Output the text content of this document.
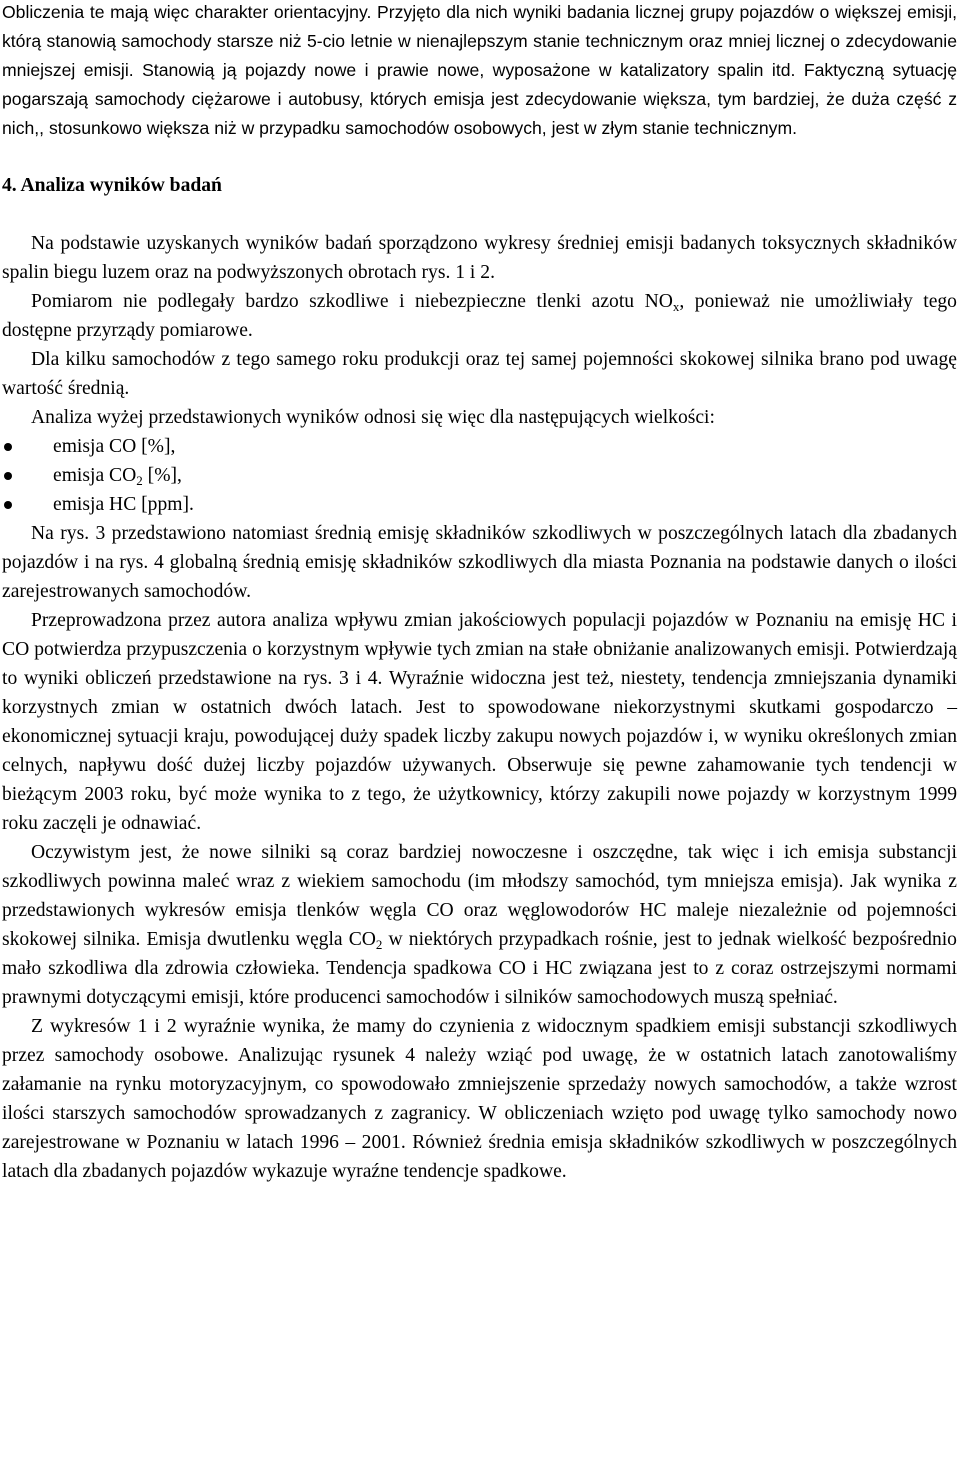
Obliczenia te mają więc charakter orientacyjny. Przyjęto dla nich wyniki badania licznej grupy pojazdów o większej emisji, którą stanowią samochody starsze niż 5-cio letnie w nienajlepszym stanie technicznym oraz mniej licznej o zdecydowanie mniejszej emisji. Stanowią ją pojazdy nowe i prawie nowe, wyposażone w katalizatory spalin itd. Faktyczną sytuację pogarszają samochody ciężarowe i autobusy, których emisja jest zdecydowanie większa, tym bardziej, że duża część z nich,, stosunkowo większa niż w przypadku samochodów osobowych, jest w złym stanie technicznym.

4. Analiza wyników badań

Na podstawie uzyskanych wyników badań sporządzono wykresy średniej emisji badanych toksycznych składników spalin biegu luzem oraz na podwyższonych obrotach rys. 1 i 2.

Pomiarom nie podlegały bardzo szkodliwe i niebezpieczne tlenki azotu $NO_x$, ponieważ nie umożliwiały tego dostępne przyrządy pomiarowe.

Dla kilku samochodów z tego samego roku produkcji oraz tej samej pojemności skokowej silnika brano pod uwagę wartość średnią.

Analiza wyżej przedstawionych wyników odnosi się więc dla następujących wielkości:

emisja CO [%],
emisja $CO_2$ [%],
emisja HC [ppm].

Na rys. 3 przedstawiono natomiast średnią emisję składników szkodliwych w poszczególnych latach dla zbadanych pojazdów i na rys. 4 globalną średnią emisję składników szkodliwych dla miasta Poznania na podstawie danych o ilości zarejestrowanych samochodów.

Przeprowadzona przez autora analiza wpływu zmian jakościowych populacji pojazdów w Poznaniu na emisję HC i CO potwierdza przypuszczenia o korzystnym wpływie tych zmian na stałe obniżanie analizowanych emisji. Potwierdzają to wyniki obliczeń przedstawione na rys. 3 i 4. Wyraźnie widoczna jest też, niestety, tendencja zmniejszania dynamiki korzystnych zmian w ostatnich dwóch latach. Jest to spowodowane niekorzystnymi skutkami gospodarczo – ekonomicznej sytuacji kraju, powodującej duży spadek liczby zakupu nowych pojazdów i, w wyniku określonych zmian celnych, napływu dość dużej liczby pojazdów używanych. Obserwuje się pewne zahamowanie tych tendencji w bieżącym 2003 roku, być może wynika to z tego, że użytkownicy, którzy zakupili nowe pojazdy w korzystnym 1999 roku zaczęli je odnawiać.

Oczywistym jest, że nowe silniki są coraz bardziej nowoczesne i oszczędne, tak więc i ich emisja substancji szkodliwych powinna maleć wraz z wiekiem samochodu (im młodszy samochód, tym mniejsza emisja). Jak wynika z przedstawionych wykresów emisja tlenków węgla CO oraz węglowodorów HC maleje niezależnie od pojemności skokowej silnika. Emisja dwutlenku węgla $CO_2$ w niektórych przypadkach rośnie, jest to jednak wielkość bezpośrednio mało szkodliwa dla zdrowia człowieka. Tendencja spadkowa CO i HC związana jest to z coraz ostrzejszymi normami prawnymi dotyczącymi emisji, które producenci samochodów i silników samochodowych muszą spełniać.

Z wykresów 1 i 2 wyraźnie wynika, że mamy do czynienia z widocznym spadkiem emisji substancji szkodliwych przez samochody osobowe. Analizując rysunek 4 należy wziąć pod uwagę, że w ostatnich latach zanotowaliśmy załamanie na rynku motoryzacyjnym, co spowodowało zmniejszenie sprzedaży nowych samochodów, a także wzrost ilości starszych samochodów sprowadzanych z zagranicy. W obliczeniach wzięto pod uwagę tylko samochody nowo zarejestrowane w Poznaniu w latach 1996 – 2001. Również średnia emisja składników szkodliwych w poszczególnych latach dla zbadanych pojazdów wykazuje wyraźne tendencje spadkowe.
